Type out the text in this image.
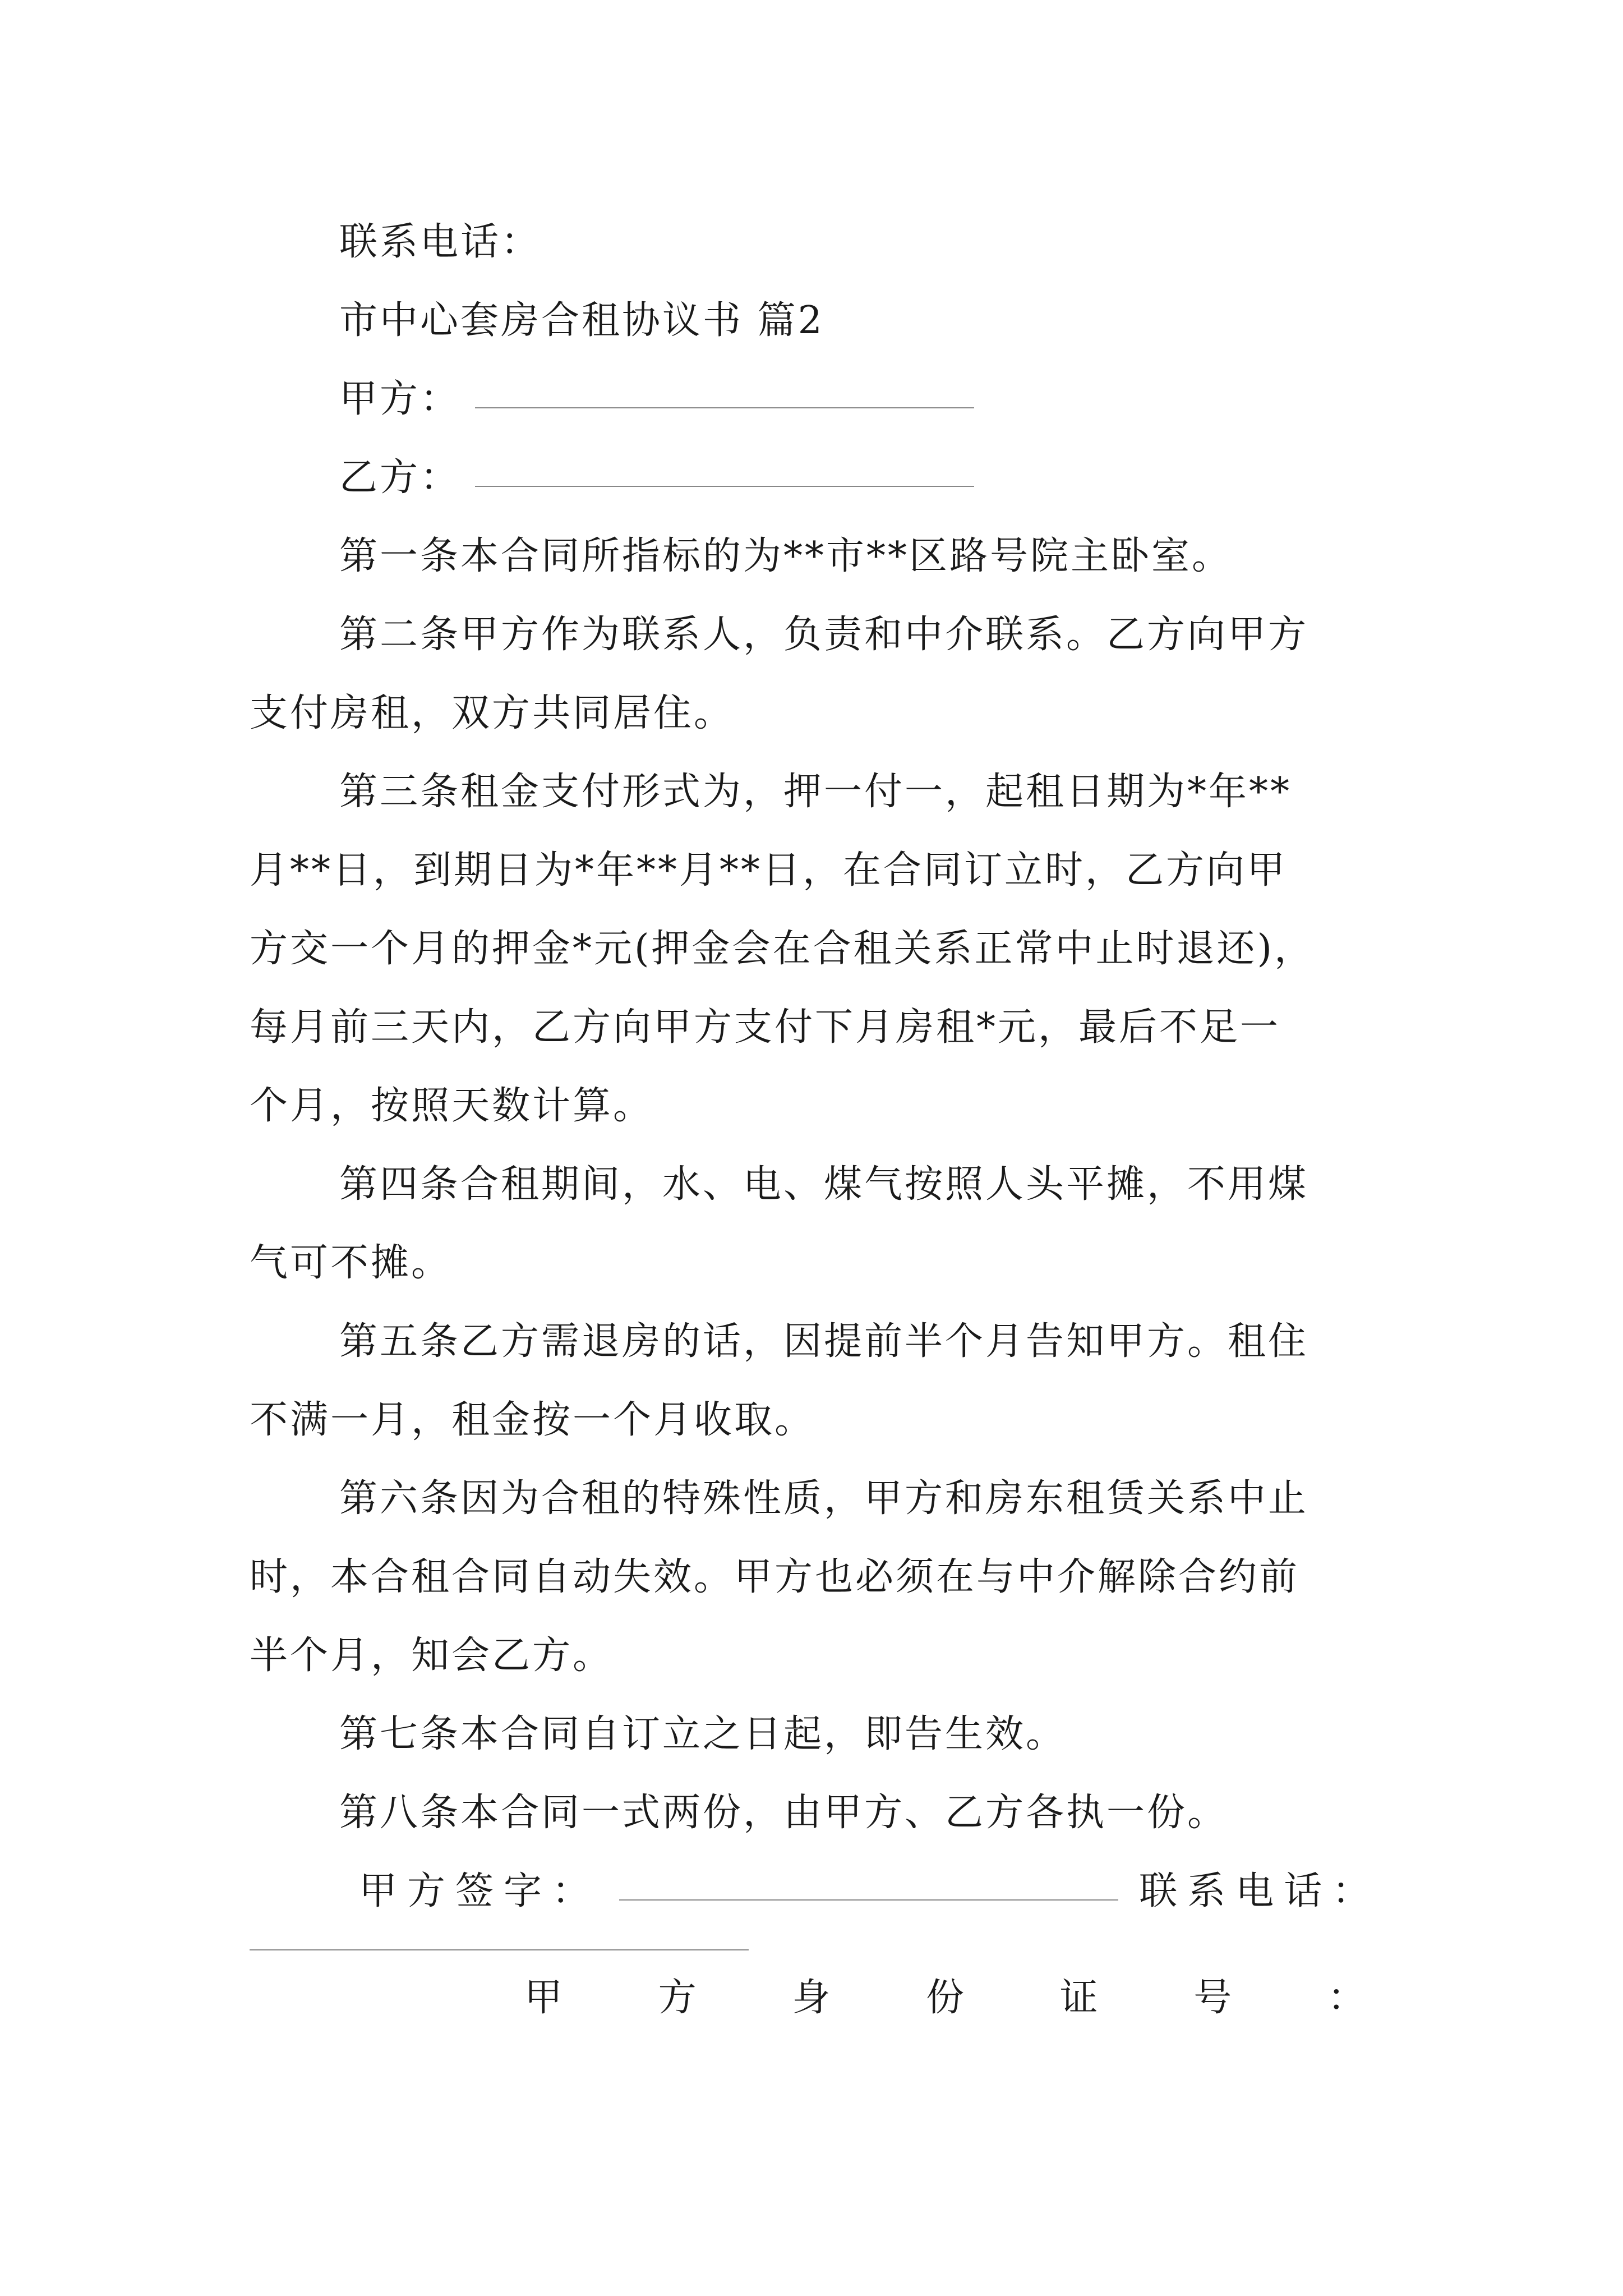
联系电话：
市中心套房合租协议书 篇2
甲方：
乙方：
第一条本合同所指标的为**市**区路号院主卧室。
第二条甲方作为联系人，负责和中介联系。乙方向甲方
支付房租，双方共同居住。
第三条租金支付形式为，押一付一，起租日期为*年**
月**日，到期日为*年**月**日，在合同订立时，乙方向甲
方交一个月的押金*元(押金会在合租关系正常中止时退还)，
每月前三天内，乙方向甲方支付下月房租*元，最后不足一
个月，按照天数计算。
第四条合租期间，水、电、煤气按照人头平摊，不用煤
气可不摊。
第五条乙方需退房的话，因提前半个月告知甲方。租住
不满一月，租金按一个月收取。
第六条因为合租的特殊性质，甲方和房东租赁关系中止
时，本合租合同自动失效。甲方也必须在与中介解除合约前
半个月，知会乙方。
第七条本合同自订立之日起，即告生效。
第八条本合同一式两份，由甲方、乙方各执一份。
甲方签字：	联系电话：
甲	方	身	份	证	号	：
